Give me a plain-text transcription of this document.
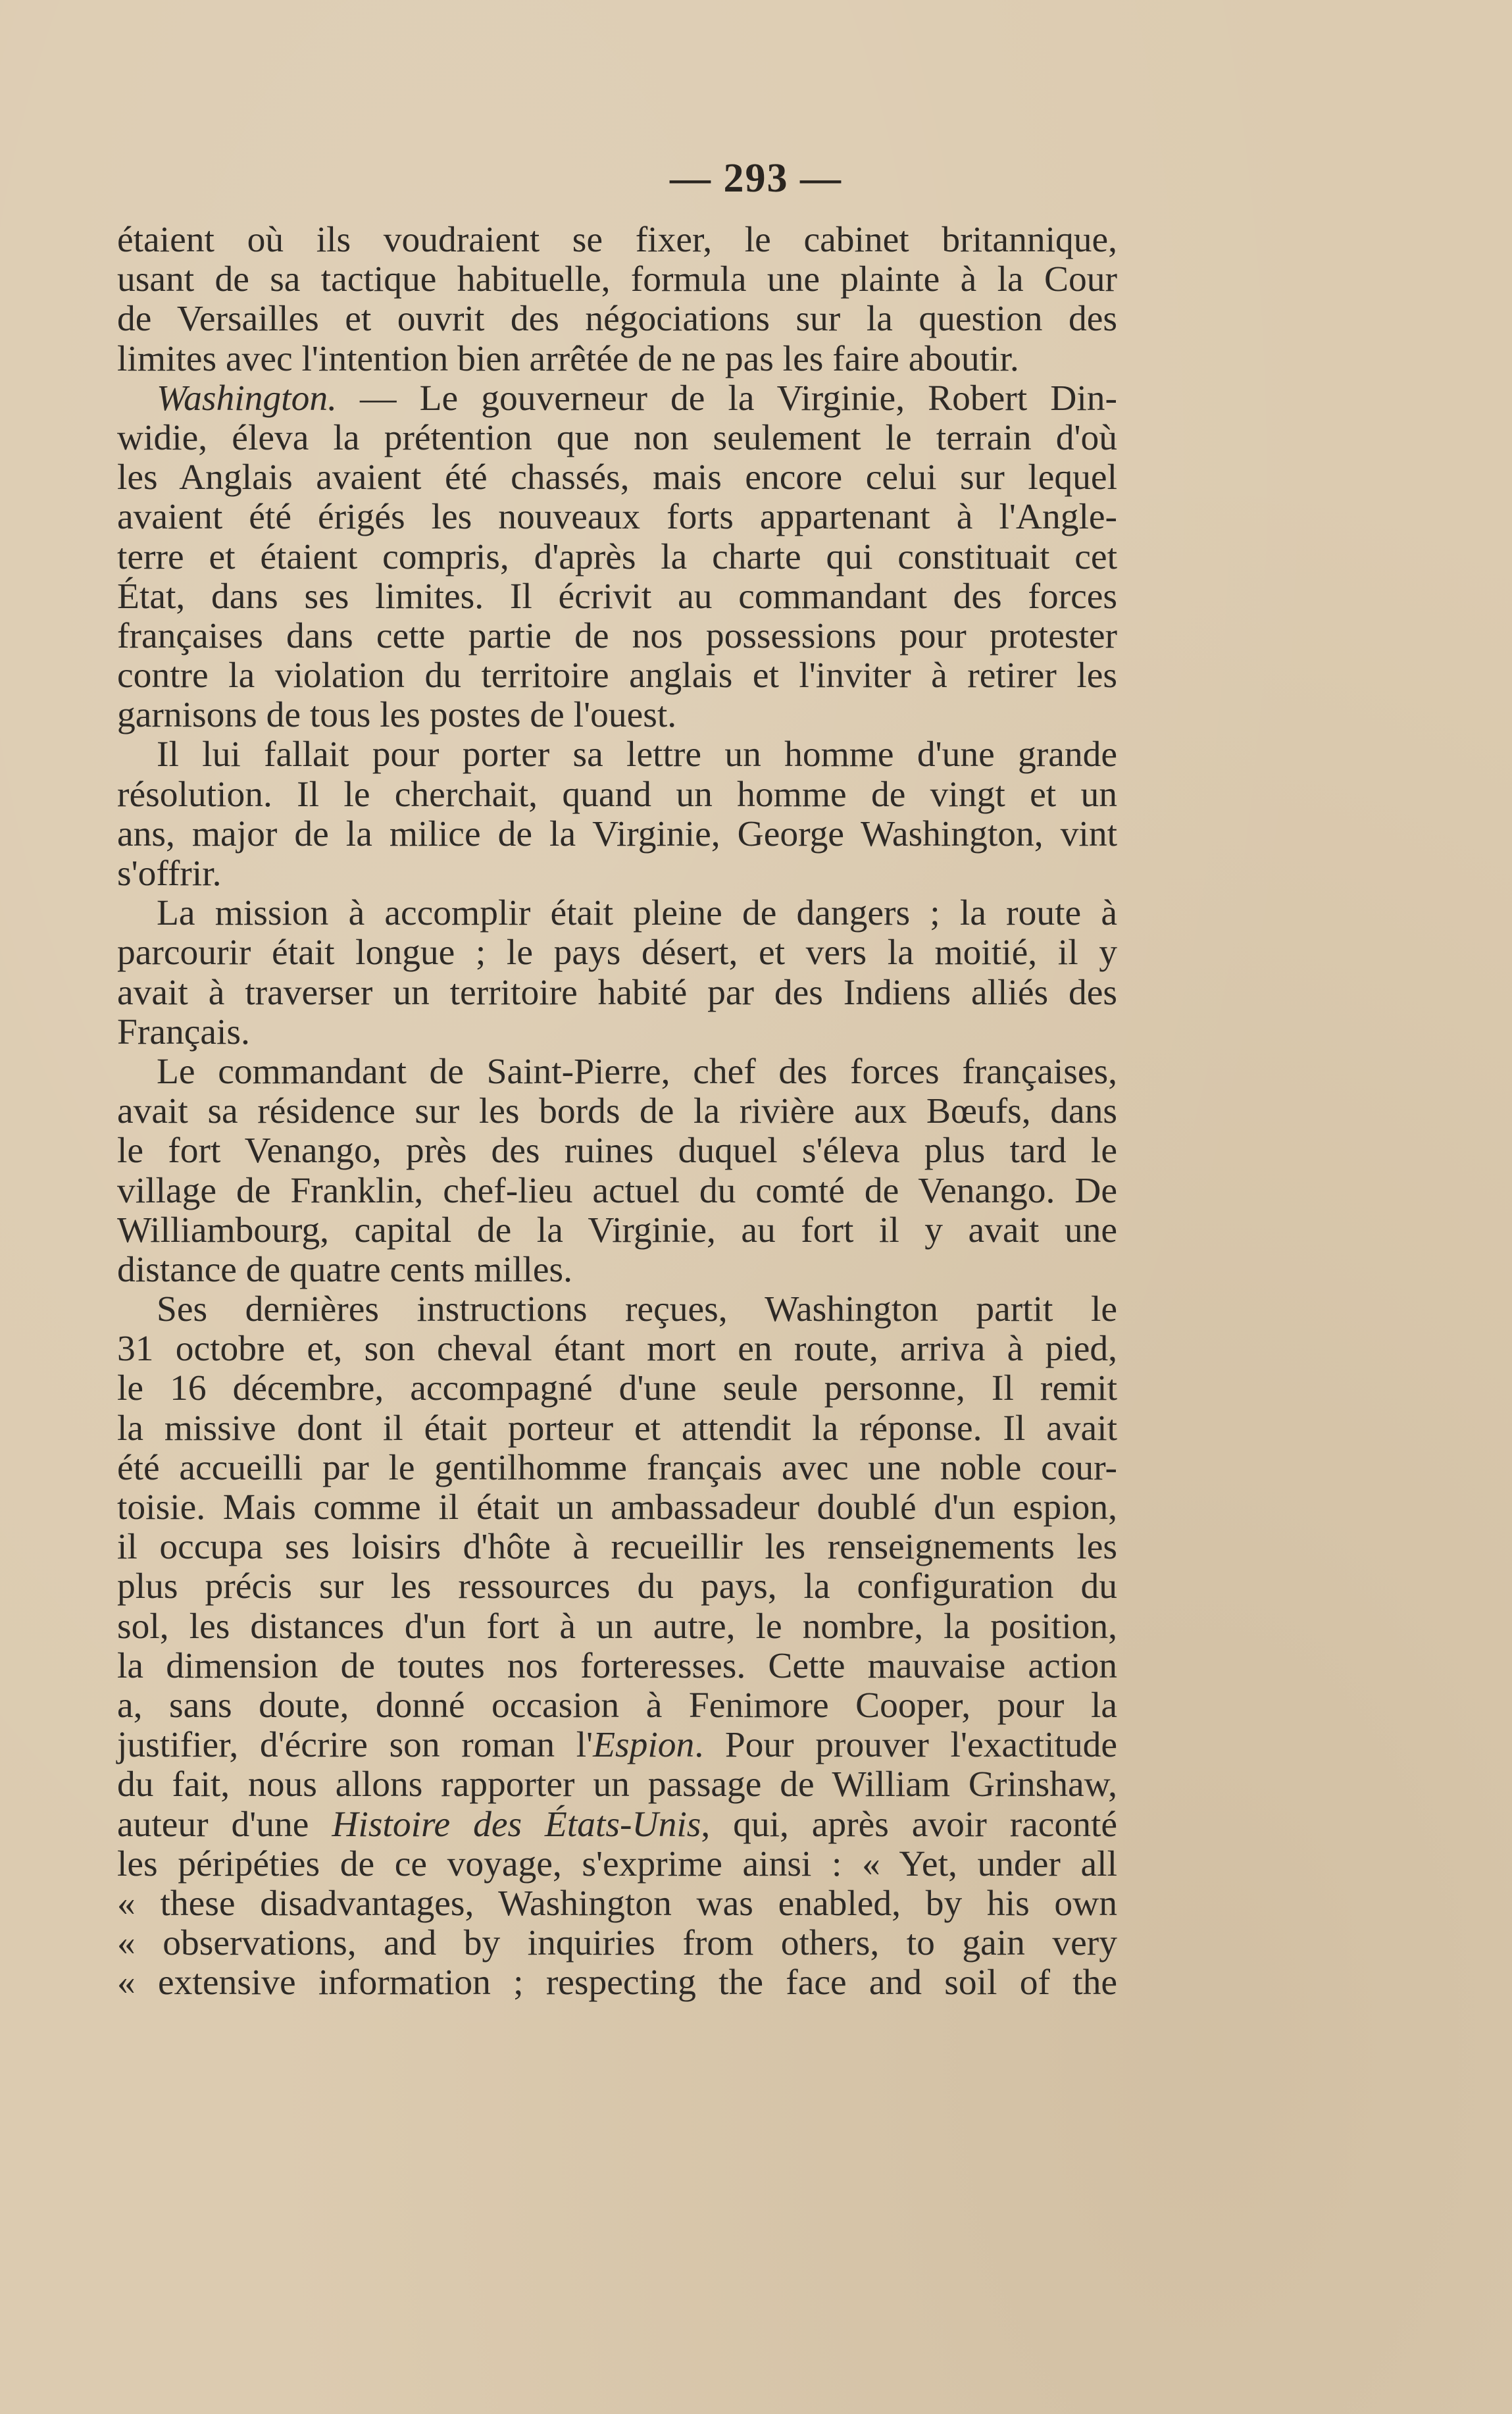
— 293 —
étaient où ils voudraient se fixer, le cabinet britannique,
usant de sa tactique habituelle, formula une plainte à la Cour
de Versailles et ouvrit des négociations sur la question des
limites avec l'intention bien arrêtée de ne pas les faire aboutir.
Washington. — Le gouverneur de la Virginie, Robert Din-
widie, éleva la prétention que non seulement le terrain d'où
les Anglais avaient été chassés, mais encore celui sur lequel
avaient été érigés les nouveaux forts appartenant à l'Angle-
terre et étaient compris, d'après la charte qui constituait cet
État, dans ses limites. Il écrivit au commandant des forces
françaises dans cette partie de nos possessions pour protester
contre la violation du territoire anglais et l'inviter à retirer les
garnisons de tous les postes de l'ouest.
Il lui fallait pour porter sa lettre un homme d'une grande
résolution. Il le cherchait, quand un homme de vingt et un
ans, major de la milice de la Virginie, George Washington, vint
s'offrir.
La mission à accomplir était pleine de dangers ; la route à
parcourir était longue ; le pays désert, et vers la moitié, il y
avait à traverser un territoire habité par des Indiens alliés des
Français.
Le commandant de Saint-Pierre, chef des forces françaises,
avait sa résidence sur les bords de la rivière aux Bœufs, dans
le fort Venango, près des ruines duquel s'éleva plus tard le
village de Franklin, chef-lieu actuel du comté de Venango. De
Williambourg, capital de la Virginie, au fort il y avait une
distance de quatre cents milles.
Ses dernières instructions reçues, Washington partit le
31 octobre et, son cheval étant mort en route, arriva à pied,
le 16 décembre, accompagné d'une seule personne, Il remit
la missive dont il était porteur et attendit la réponse. Il avait
été accueilli par le gentilhomme français avec une noble cour-
toisie. Mais comme il était un ambassadeur doublé d'un espion,
il occupa ses loisirs d'hôte à recueillir les renseignements les
plus précis sur les ressources du pays, la configuration du
sol, les distances d'un fort à un autre, le nombre, la position,
la dimension de toutes nos forteresses. Cette mauvaise action
a, sans doute, donné occasion à Fenimore Cooper, pour la
justifier, d'écrire son roman l'Espion. Pour prouver l'exactitude
du fait, nous allons rapporter un passage de William Grinshaw,
auteur d'une Histoire des États-Unis, qui, après avoir raconté
les péripéties de ce voyage, s'exprime ainsi : « Yet, under all
« these disadvantages, Washington was enabled, by his own
« observations, and by inquiries from others, to gain very
« extensive information ; respecting the face and soil of the
